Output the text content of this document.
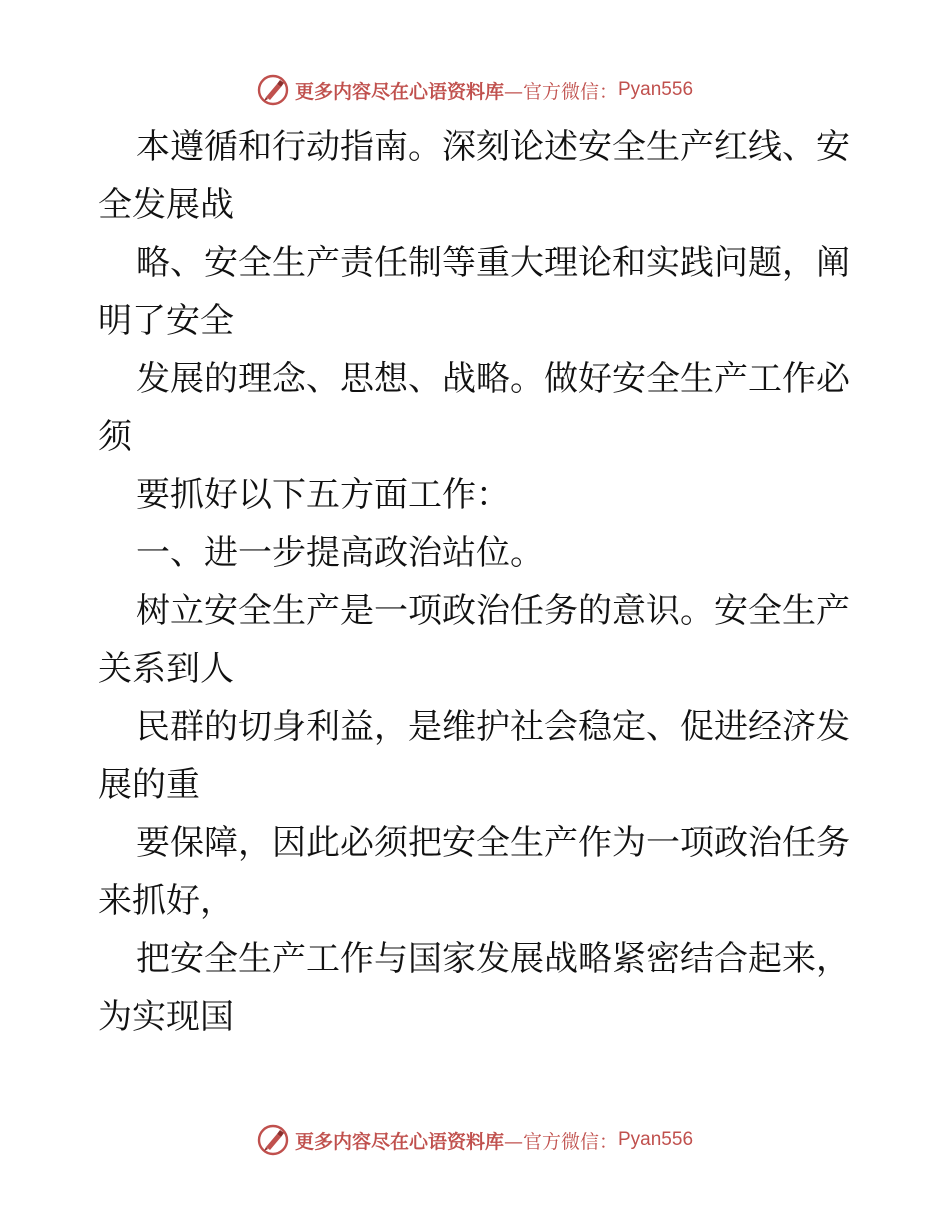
更多内容尽在心语资料库 —官方微信： Pyan556
本遵循和行动指南。深刻论述安全生产红线、安
全发展战
略、安全生产责任制等重大理论和实践问题，阐
明了安全
发展的理念、思想、战略。做好安全生产工作必
须
要抓好以下五方面工作：
一、进一步提高政治站位。
树立安全生产是一项政治任务的意识。安全生产
关系到人
民群的切身利益，是维护社会稳定、促进经济发
展的重
要保障，因此必须把安全生产作为一项政治任务
来抓好，
把安全生产工作与国家发展战略紧密结合起来，
为实现国
更多内容尽在心语资料库 —官方微信： Pyan556
